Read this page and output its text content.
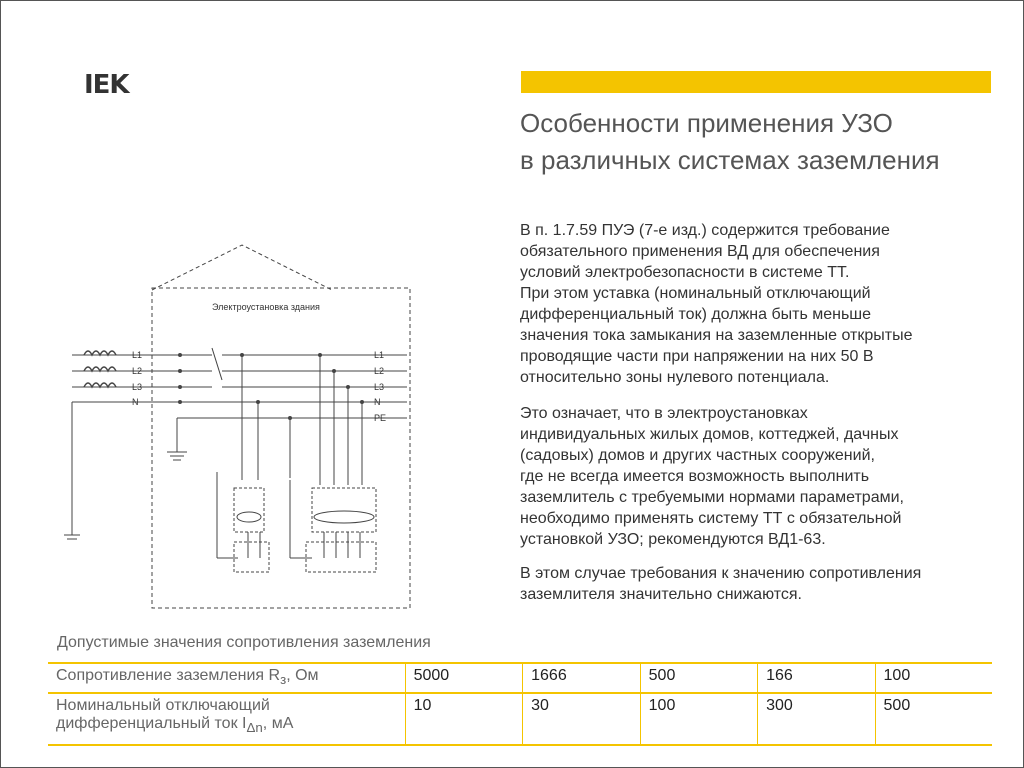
IEK
Особенности применения УЗО
в различных системах заземления
В п. 1.7.59 ПУЭ (7-е изд.) содержится требование
обязательного применения ВД для обеспечения
условий электробезопасности в системе ТТ.
При этом уставка (номинальный отключающий
дифференциальный ток) должна быть меньше
значения тока замыкания на заземленные открытые
проводящие части при напряжении на них 50 В
относительно зоны нулевого потенциала.
Это означает, что в электроустановках
индивидуальных жилых домов, коттеджей, дачных
(садовых) домов и других частных сооружений,
где не всегда имеется возможность выполнить
заземлитель с требуемыми нормами параметрами,
необходимо применять систему ТТ с обязательной
установкой УЗО; рекомендуются ВД1-63.
В этом случае требования к значению сопротивления
заземлителя значительно снижаются.
Электроустановка здания
L1
L2
L3
N
L1
L2
L3
N
PE
Допустимые значения сопротивления заземления
Сопротивление заземления $R_з$, Ом	5000	1666	500	166	100
Номинальный отключающий
дифференциальный ток $I_{\Delta n}$, мА	10	30	100	300	500
